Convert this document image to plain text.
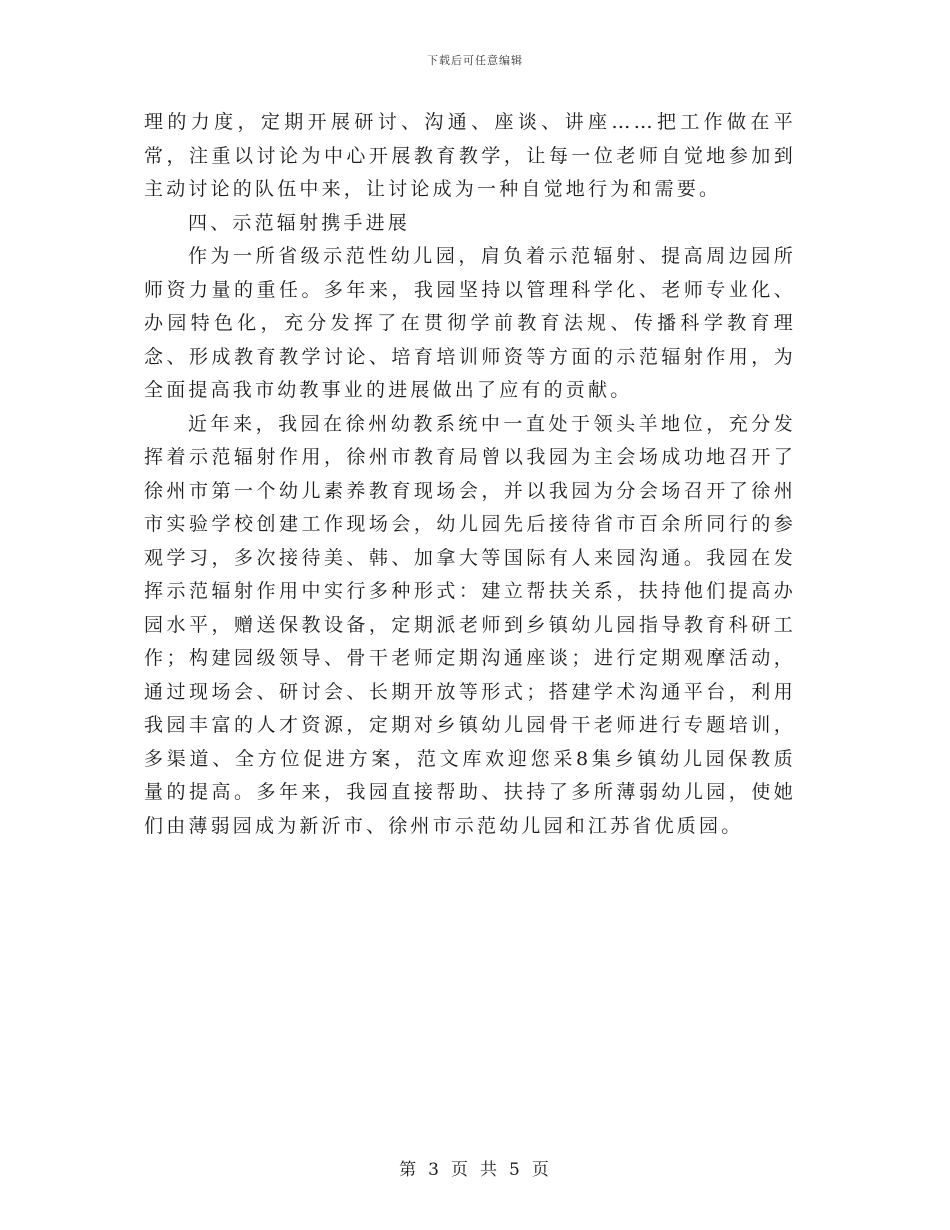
下载后可任意编辑

理的力度，定期开展研讨、沟通、座谈、讲座……把工作做在平常，注重以讨论为中心开展教育教学，让每一位老师自觉地参加到主动讨论的队伍中来，让讨论成为一种自觉地行为和需要。

四、示范辐射携手进展

作为一所省级示范性幼儿园，肩负着示范辐射、提高周边园所师资力量的重任。多年来，我园坚持以管理科学化、老师专业化、办园特色化，充分发挥了在贯彻学前教育法规、传播科学教育理念、形成教育教学讨论、培育培训师资等方面的示范辐射作用，为全面提高我市幼教事业的进展做出了应有的贡献。

近年来，我园在徐州幼教系统中一直处于领头羊地位，充分发挥着示范辐射作用，徐州市教育局曾以我园为主会场成功地召开了徐州市第一个幼儿素养教育现场会，并以我园为分会场召开了徐州市实验学校创建工作现场会，幼儿园先后接待省市百余所同行的参观学习，多次接待美、韩、加拿大等国际有人来园沟通。我园在发挥示范辐射作用中实行多种形式：建立帮扶关系，扶持他们提高办园水平，赠送保教设备，定期派老师到乡镇幼儿园指导教育科研工作；构建园级领导、骨干老师定期沟通座谈；进行定期观摩活动，通过现场会、研讨会、长期开放等形式；搭建学术沟通平台，利用我园丰富的人才资源，定期对乡镇幼儿园骨干老师进行专题培训，多渠道、全方位促进方案，范文库欢迎您采8集乡镇幼儿园保教质量的提高。多年来，我园直接帮助、扶持了多所薄弱幼儿园，使她们由薄弱园成为新沂市、徐州市示范幼儿园和江苏省优质园。

第 3 页 共 5 页
